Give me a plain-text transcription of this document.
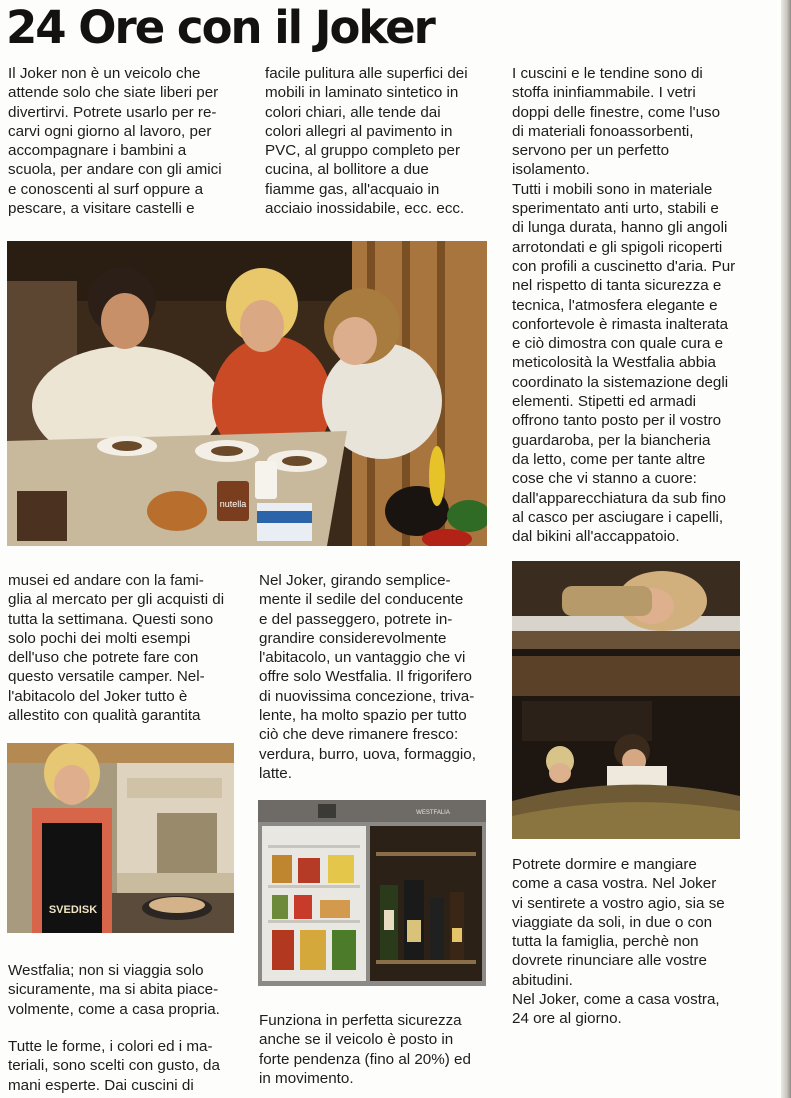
24 Ore con il Joker
Il Joker non è un veicolo che
attende solo che siate liberi per
divertirvi. Potrete usarlo per re-
carvi ogni giorno al lavoro, per
accompagnare i bambini a
scuola, per andare con gli amici
e conoscenti al surf oppure a
pescare, a visitare castelli e
facile pulitura alle superfici dei
mobili in laminato sintetico in
colori chiari, alle tende dai
colori allegri al pavimento in
PVC, al gruppo completo per
cucina, al bollitore a due
fiamme gas, all'acquaio in
acciaio inossidabile, ecc. ecc.
I cuscini e le tendine sono di
stoffa ininfiammabile. I vetri
doppi delle finestre, come l'uso
di materiali fonoassorbenti,
servono per un perfetto
isolamento.
Tutti i mobili sono in materiale
sperimentato anti urto, stabili e
di lunga durata, hanno gli angoli
arrotondati e gli spigoli ricoperti
con profili a cuscinetto d'aria. Pur
nel rispetto di tanta sicurezza e
tecnica, l'atmosfera elegante e
confortevole è rimasta inalterata
e ciò dimostra con quale cura e
meticolosità la Westfalia abbia
coordinato la sistemazione degli
elementi. Stipetti ed armadi
offrono tanto posto per il vostro
guardaroba, per la biancheria
da letto, come per tante altre
cose che vi stanno a cuore:
dall'apparecchiatura da sub fino
al casco per asciugare i capelli,
dal bikini all'accappatoio.
nutella
musei ed andare con la fami-
glia al mercato per gli acquisti di
tutta la settimana. Questi sono
solo pochi dei molti esempi
dell'uso che potrete fare con
questo versatile camper. Nel-
l'abitacolo del Joker tutto è
allestito con qualità garantita
Nel Joker, girando semplice-
mente il sedile del conducente
e del passeggero, potrete in-
grandire considerevolmente
l'abitacolo, un vantaggio che vi
offre solo Westfalia. Il frigorifero
di nuovissima concezione, triva-
lente, ha molto spazio per tutto
ciò che deve rimanere fresco:
verdura, burro, uova, formaggio,
latte.
SVEDISK
WESTFALIA
Potrete dormire e mangiare
come a casa vostra. Nel Joker
vi sentirete a vostro agio, sia se
viaggiate da soli, in due o con
tutta la famiglia, perchè non
dovrete rinunciare alle vostre
abitudini.
Nel Joker, come a casa vostra,
24 ore al giorno.
Westfalia; non si viaggia solo
sicuramente, ma si abita piace-
volmente, come a casa propria.
Tutte le forme, i colori ed i ma-
teriali, sono scelti con gusto, da
mani esperte. Dai cuscini di
Funziona in perfetta sicurezza
anche se il veicolo è posto in
forte pendenza (fino al 20%) ed
in movimento.
